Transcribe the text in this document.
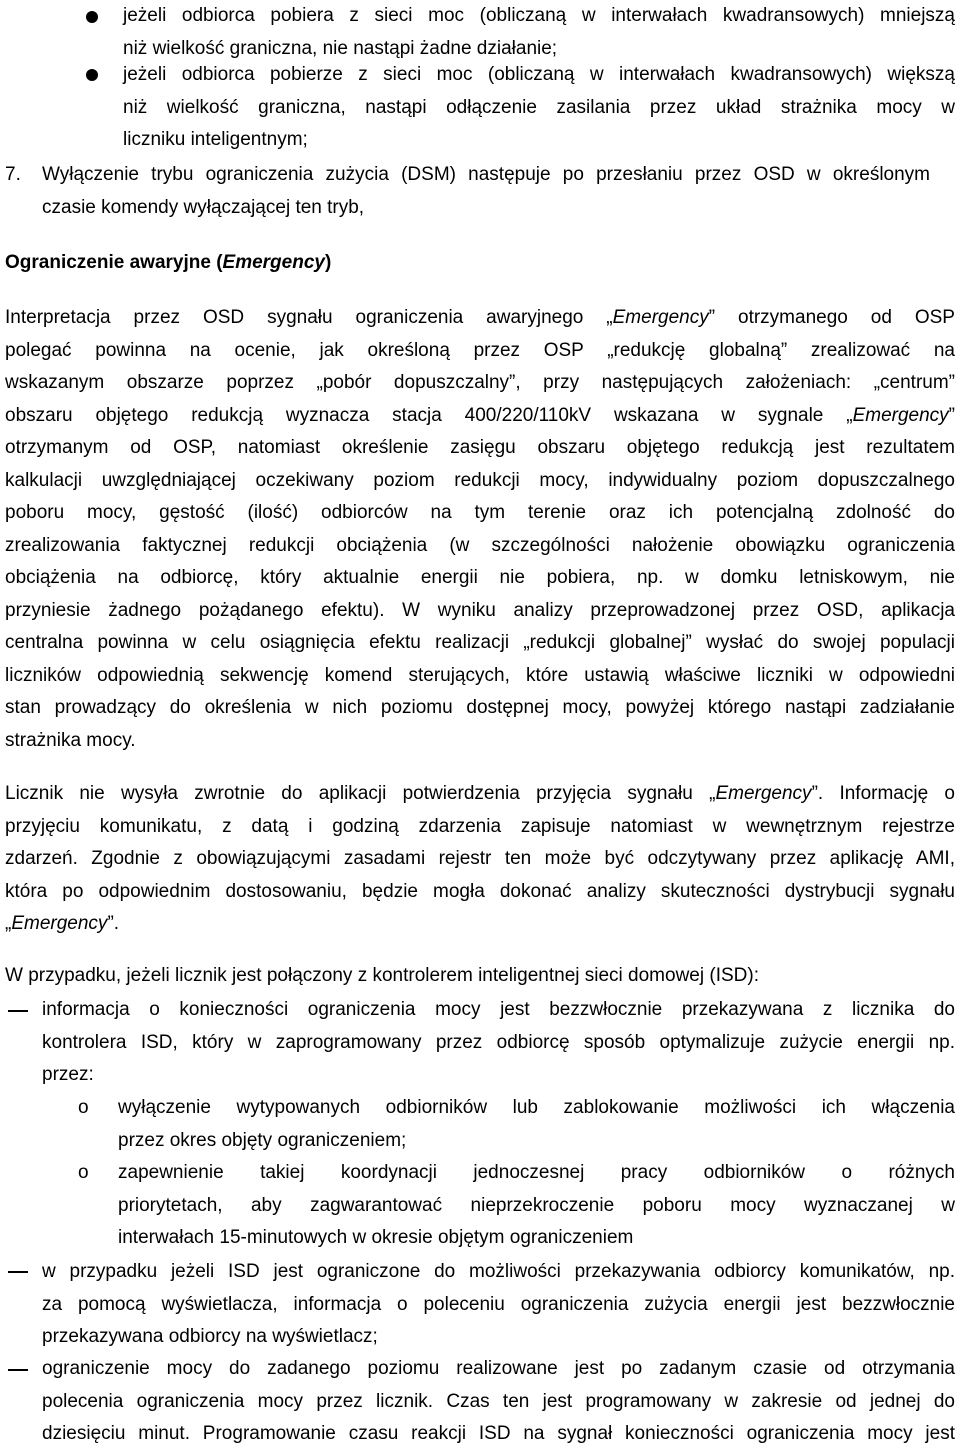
jeżeli odbiorca pobiera z sieci moc (obliczaną w interwałach kwadransowych) mniejszą

niż wielkość graniczna, nie nastąpi żadne działanie;

jeżeli odbiorca pobierze z sieci moc (obliczaną w interwałach kwadransowych) większą

niż wielkość graniczna, nastąpi odłączenie zasilania przez układ strażnika mocy w

liczniku inteligentnym;

7. Wyłączenie trybu ograniczenia zużycia (DSM) następuje po przesłaniu przez OSD w określonym

czasie komendy wyłączającej ten tryb,

Ograniczenie awaryjne (Emergency)

Interpretacja przez OSD sygnału ograniczenia awaryjnego „Emergency” otrzymanego od OSP

polegać powinna na ocenie, jak określoną przez OSP „redukcję globalną” zrealizować na

wskazanym obszarze poprzez „pobór dopuszczalny”, przy następujących założeniach: „centrum”

obszaru objętego redukcją wyznacza stacja 400/220/110kV wskazana w sygnale „Emergency”

otrzymanym od OSP, natomiast określenie zasięgu obszaru objętego redukcją jest rezultatem

kalkulacji uwzględniającej oczekiwany poziom redukcji mocy, indywidualny poziom dopuszczalnego

poboru mocy, gęstość (ilość) odbiorców na tym terenie oraz ich potencjalną zdolność do

zrealizowania faktycznej redukcji obciążenia (w szczególności nałożenie obowiązku ograniczenia

obciążenia na odbiorcę, który aktualnie energii nie pobiera, np. w domku letniskowym, nie

przyniesie żadnego pożądanego efektu). W wyniku analizy przeprowadzonej przez OSD, aplikacja

centralna powinna w celu osiągnięcia efektu realizacji „redukcji globalnej” wysłać do swojej populacji

liczników odpowiednią sekwencję komend sterujących, które ustawią właściwe liczniki w odpowiedni

stan prowadzący do określenia w nich poziomu dostępnej mocy, powyżej którego nastąpi zadziałanie

strażnika mocy.

Licznik nie wysyła zwrotnie do aplikacji potwierdzenia przyjęcia sygnału „Emergency”. Informację o

przyjęciu komunikatu, z datą i godziną zdarzenia zapisuje natomiast w wewnętrznym rejestrze

zdarzeń. Zgodnie z obowiązującymi zasadami rejestr ten może być odczytywany przez aplikację AMI,

która po odpowiednim dostosowaniu, będzie mogła dokonać analizy skuteczności dystrybucji sygnału

„Emergency”.

W przypadku, jeżeli licznik jest połączony z kontrolerem inteligentnej sieci domowej (ISD):

informacja o konieczności ograniczenia mocy jest bezzwłocznie przekazywana z licznika do

kontrolera ISD, który w zaprogramowany przez odbiorcę sposób optymalizuje zużycie energii np.

przez:

o wyłączenie wytypowanych odbiorników lub zablokowanie możliwości ich włączenia

przez okres objęty ograniczeniem;

o zapewnienie takiej koordynacji jednoczesnej pracy odbiorników o różnych

priorytetach, aby zagwarantować nieprzekroczenie poboru mocy wyznaczanej w

interwałach 15-minutowych w okresie objętym ograniczeniem

w przypadku jeżeli ISD jest ograniczone do możliwości przekazywania odbiorcy komunikatów, np.

za pomocą wyświetlacza, informacja o poleceniu ograniczenia zużycia energii jest bezzwłocznie

przekazywana odbiorcy na wyświetlacz;

ograniczenie mocy do zadanego poziomu realizowane jest po zadanym czasie od otrzymania

polecenia ograniczenia mocy przez licznik. Czas ten jest programowany w zakresie od jednej do

dziesięciu minut. Programowanie czasu reakcji ISD na sygnał konieczności ograniczenia mocy jest
